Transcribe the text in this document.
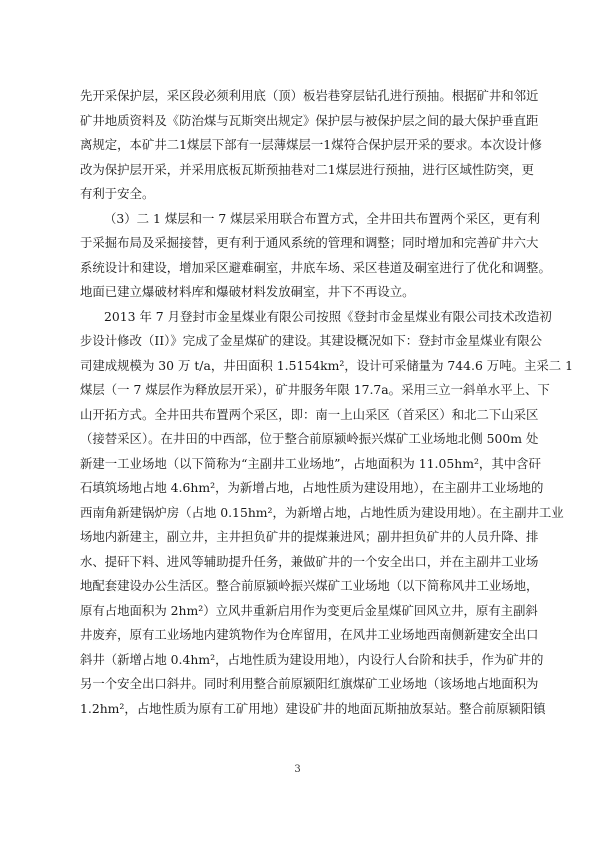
先开采保护层，采区段必须利用底（顶）板岩巷穿层钻孔进行预抽。根据矿井和邻近
矿井地质资料及《防治煤与瓦斯突出规定》保护层与被保护层之间的最大保护垂直距
离规定，本矿井二1煤层下部有一层薄煤层一1煤符合保护层开采的要求。本次设计修
改为保护层开采，并采用底板瓦斯预抽巷对二1煤层进行预抽，进行区域性防突，更
有利于安全。
（3）二 1 煤层和一 7 煤层采用联合布置方式，全井田共布置两个采区，更有利
于采掘布局及采掘接替，更有利于通风系统的管理和调整；同时增加和完善矿井六大
系统设计和建设，增加采区避难硐室，井底车场、采区巷道及硐室进行了优化和调整。
地面已建立爆破材料库和爆破材料发放硐室，井下不再设立。
2013 年 7 月登封市金星煤业有限公司按照《登封市金星煤业有限公司技术改造初
步设计修改（II）》完成了金星煤矿的建设。其建设概况如下：登封市金星煤业有限公
司建成规模为 30 万 t/a，井田面积 1.5154km²，设计可采储量为 744.6 万吨。主采二 1
煤层（一 7 煤层作为释放层开采），矿井服务年限 17.7a。采用三立一斜单水平上、下
山开拓方式。全井田共布置两个采区，即：南一上山采区（首采区）和北二下山采区
（接替采区）。在井田的中西部，位于整合前原颍岭振兴煤矿工业场地北侧 500m 处
新建一工业场地（以下简称为“主副井工业场地”，占地面积为 11.05hm²，其中含矸
石填筑场地占地 4.6hm²，为新增占地，占地性质为建设用地），在主副井工业场地的
西南角新建锅炉房（占地 0.15hm²，为新增占地，占地性质为建设用地）。在主副井工业
场地内新建主，副立井，主井担负矿井的提煤兼进风；副井担负矿井的人员升降、排
水、提矸下料、进风等辅助提升任务，兼做矿井的一个安全出口，并在主副井工业场
地配套建设办公生活区。整合前原颍岭振兴煤矿工业场地（以下简称风井工业场地，
原有占地面积为 2hm²）立风井重新启用作为变更后金星煤矿回风立井，原有主副斜
井废弃，原有工业场地内建筑物作为仓库留用，在风井工业场地西南侧新建安全出口
斜井（新增占地 0.4hm²，占地性质为建设用地），内设行人台阶和扶手，作为矿井的
另一个安全出口斜井。同时利用整合前原颍阳红旗煤矿工业场地（该场地占地面积为
1.2hm²，占地性质为原有工矿用地）建设矿井的地面瓦斯抽放泵站。整合前原颍阳镇
3
